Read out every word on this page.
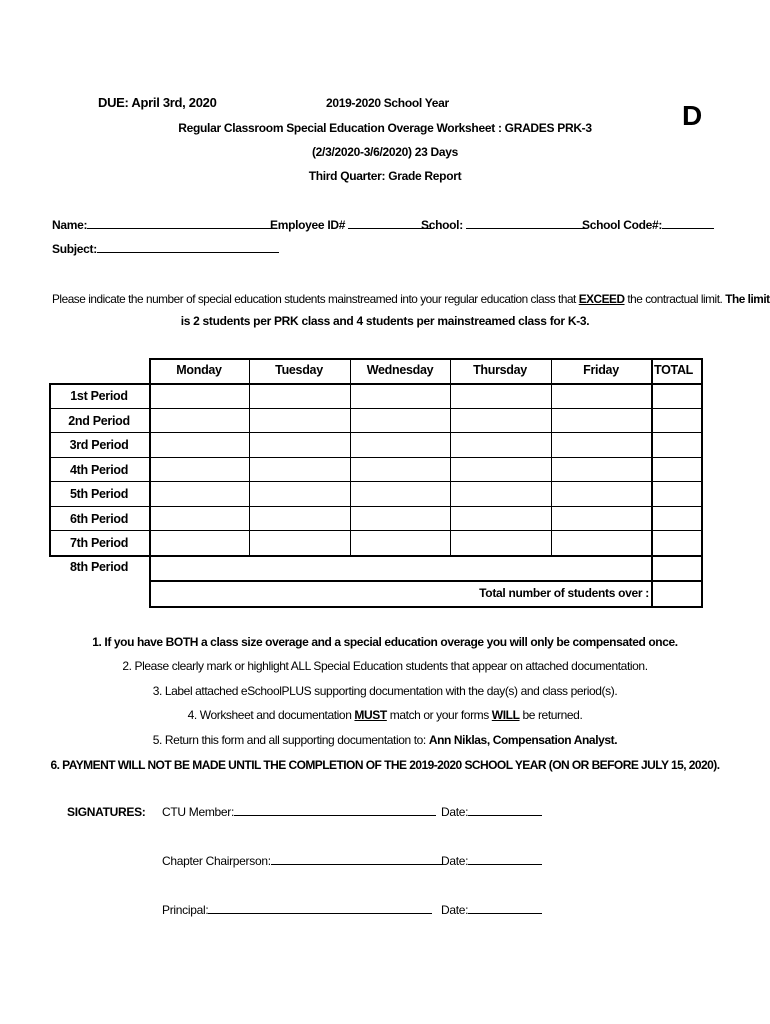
DUE: April 3rd, 2020	2019-2020 School Year	D
Regular Classroom Special Education Overage Worksheet : GRADES PRK-3
(2/3/2020-3/6/2020) 23 Days
Third Quarter: Grade Report
Name:	Employee ID#	School:	School Code#:
Subject:
Please indicate the number of special education students mainstreamed into your regular education class that EXCEED the contractual limit. The limit
is 2 students per PRK class and 4 students per mainstreamed class for K-3.
Monday	Tuesday	Wednesday	Thursday	Friday	TOTAL
1st Period
2nd Period
3rd Period
4th Period
5th Period
6th Period
7th Period
8th Period
Total number of students over :
1. If you have BOTH a class size overage and a special education overage you will only be compensated once.
2. Please clearly mark or highlight ALL Special Education students that appear on attached documentation.
3. Label attached eSchoolPLUS supporting documentation with the day(s) and class period(s).
4. Worksheet and documentation MUST match or your forms WILL be returned.
5. Return this form and all supporting documentation to: Ann Niklas, Compensation Analyst.
6. PAYMENT WILL NOT BE MADE UNTIL THE COMPLETION OF THE 2019-2020 SCHOOL YEAR (ON OR BEFORE JULY 15, 2020).
SIGNATURES: CTU Member:	Date:
Chapter Chairperson:	Date:
Principal:	Date:
